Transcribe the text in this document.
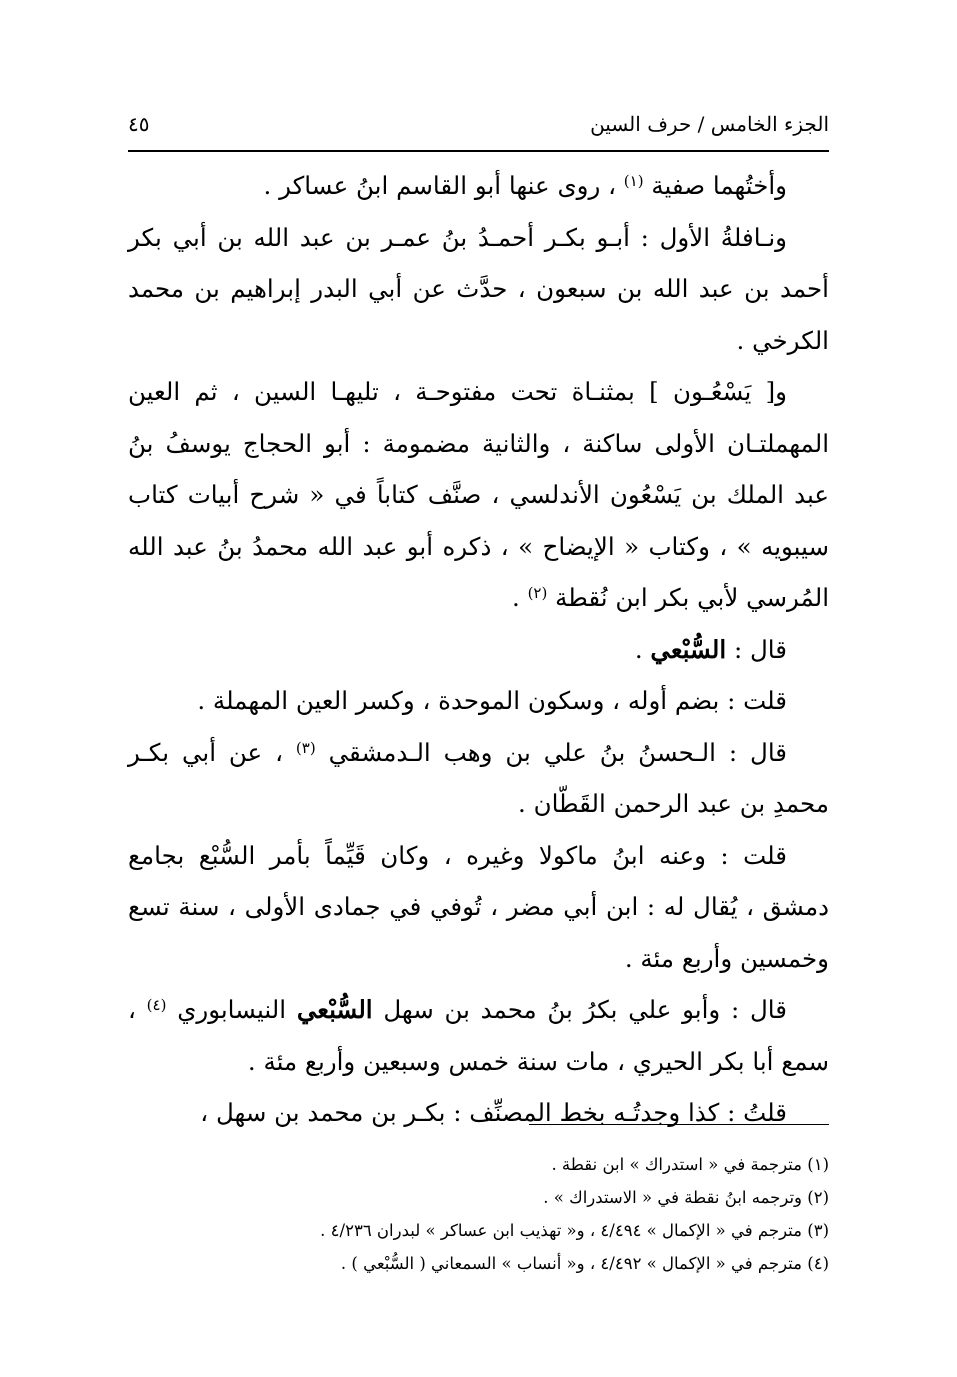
٤٥	الجزء الخامس / حرف السين

وأختُهما صفية $^{(١)}$ ، روى عنها أبو القاسم ابنُ عساكر .

ونـافلةُ الأول : أبـو بكـر أحمـدُ بنُ عمـر بن عبد الله بن أبي بكر أحمد بن عبد الله بن سبعون ، حدَّث عن أبي البدر إبراهيم بن محمد الكرخي .

و[ يَسْعُـون ] بمثنـاة تحت مفتوحـة ، تليهـا السين ، ثم العين المهملتـان الأولى ساكنة ، والثانية مضمومة : أبو الحجاج يوسفُ بنُ عبد الملك بن يَسْعُون الأندلسي ، صنَّف كتاباً في « شرح أبيات كتاب سيبويه » ، وكتاب « الإيضاح » ، ذكره أبو عبد الله محمدُ بنُ عبد الله المُرسي لأبي بكر ابن نُقطة $^{(٢)}$ .

قال : السُّبْعي .

قلت : بضم أوله ، وسكون الموحدة ، وكسر العين المهملة .

قال : الـحسنُ بنُ علي بن وهب الـدمشقي $^{(٣)}$ ، عن أبي بكـر محمدِ بن عبد الرحمن القَطّان .

قلت : وعنه ابنُ ماكولا وغيره ، وكان قَيِّماً بأمر السُّبْع بجامع دمشق ، يُقال له : ابن أبي مضر ، تُوفي في جمادى الأولى ، سنة تسع وخمسين وأربع مئة .

قال : وأبو علي بكرُ بنُ محمد بن سهل السُّبْعي النيسابوري $^{(٤)}$ ، سمع أبا بكر الحيري ، مات سنة خمس وسبعين وأربع مئة .

قلتُ : كذا وجدتُـه بخط المصنِّف : بكـر بن محمد بن سهل ،

(١) مترجمة في « استدراك » ابن نقطة .

(٢) وترجمه ابنُ نقطة في « الاستدراك » .

(٣) مترجم في « الإكمال » ٤/٤٩٤ ، و« تهذيب ابن عساكر » لبدران ٤/٢٣٦ .

(٤) مترجم في « الإكمال » ٤/٤٩٢ ، و« أنساب » السمعاني ( السُّبْعي ) .
